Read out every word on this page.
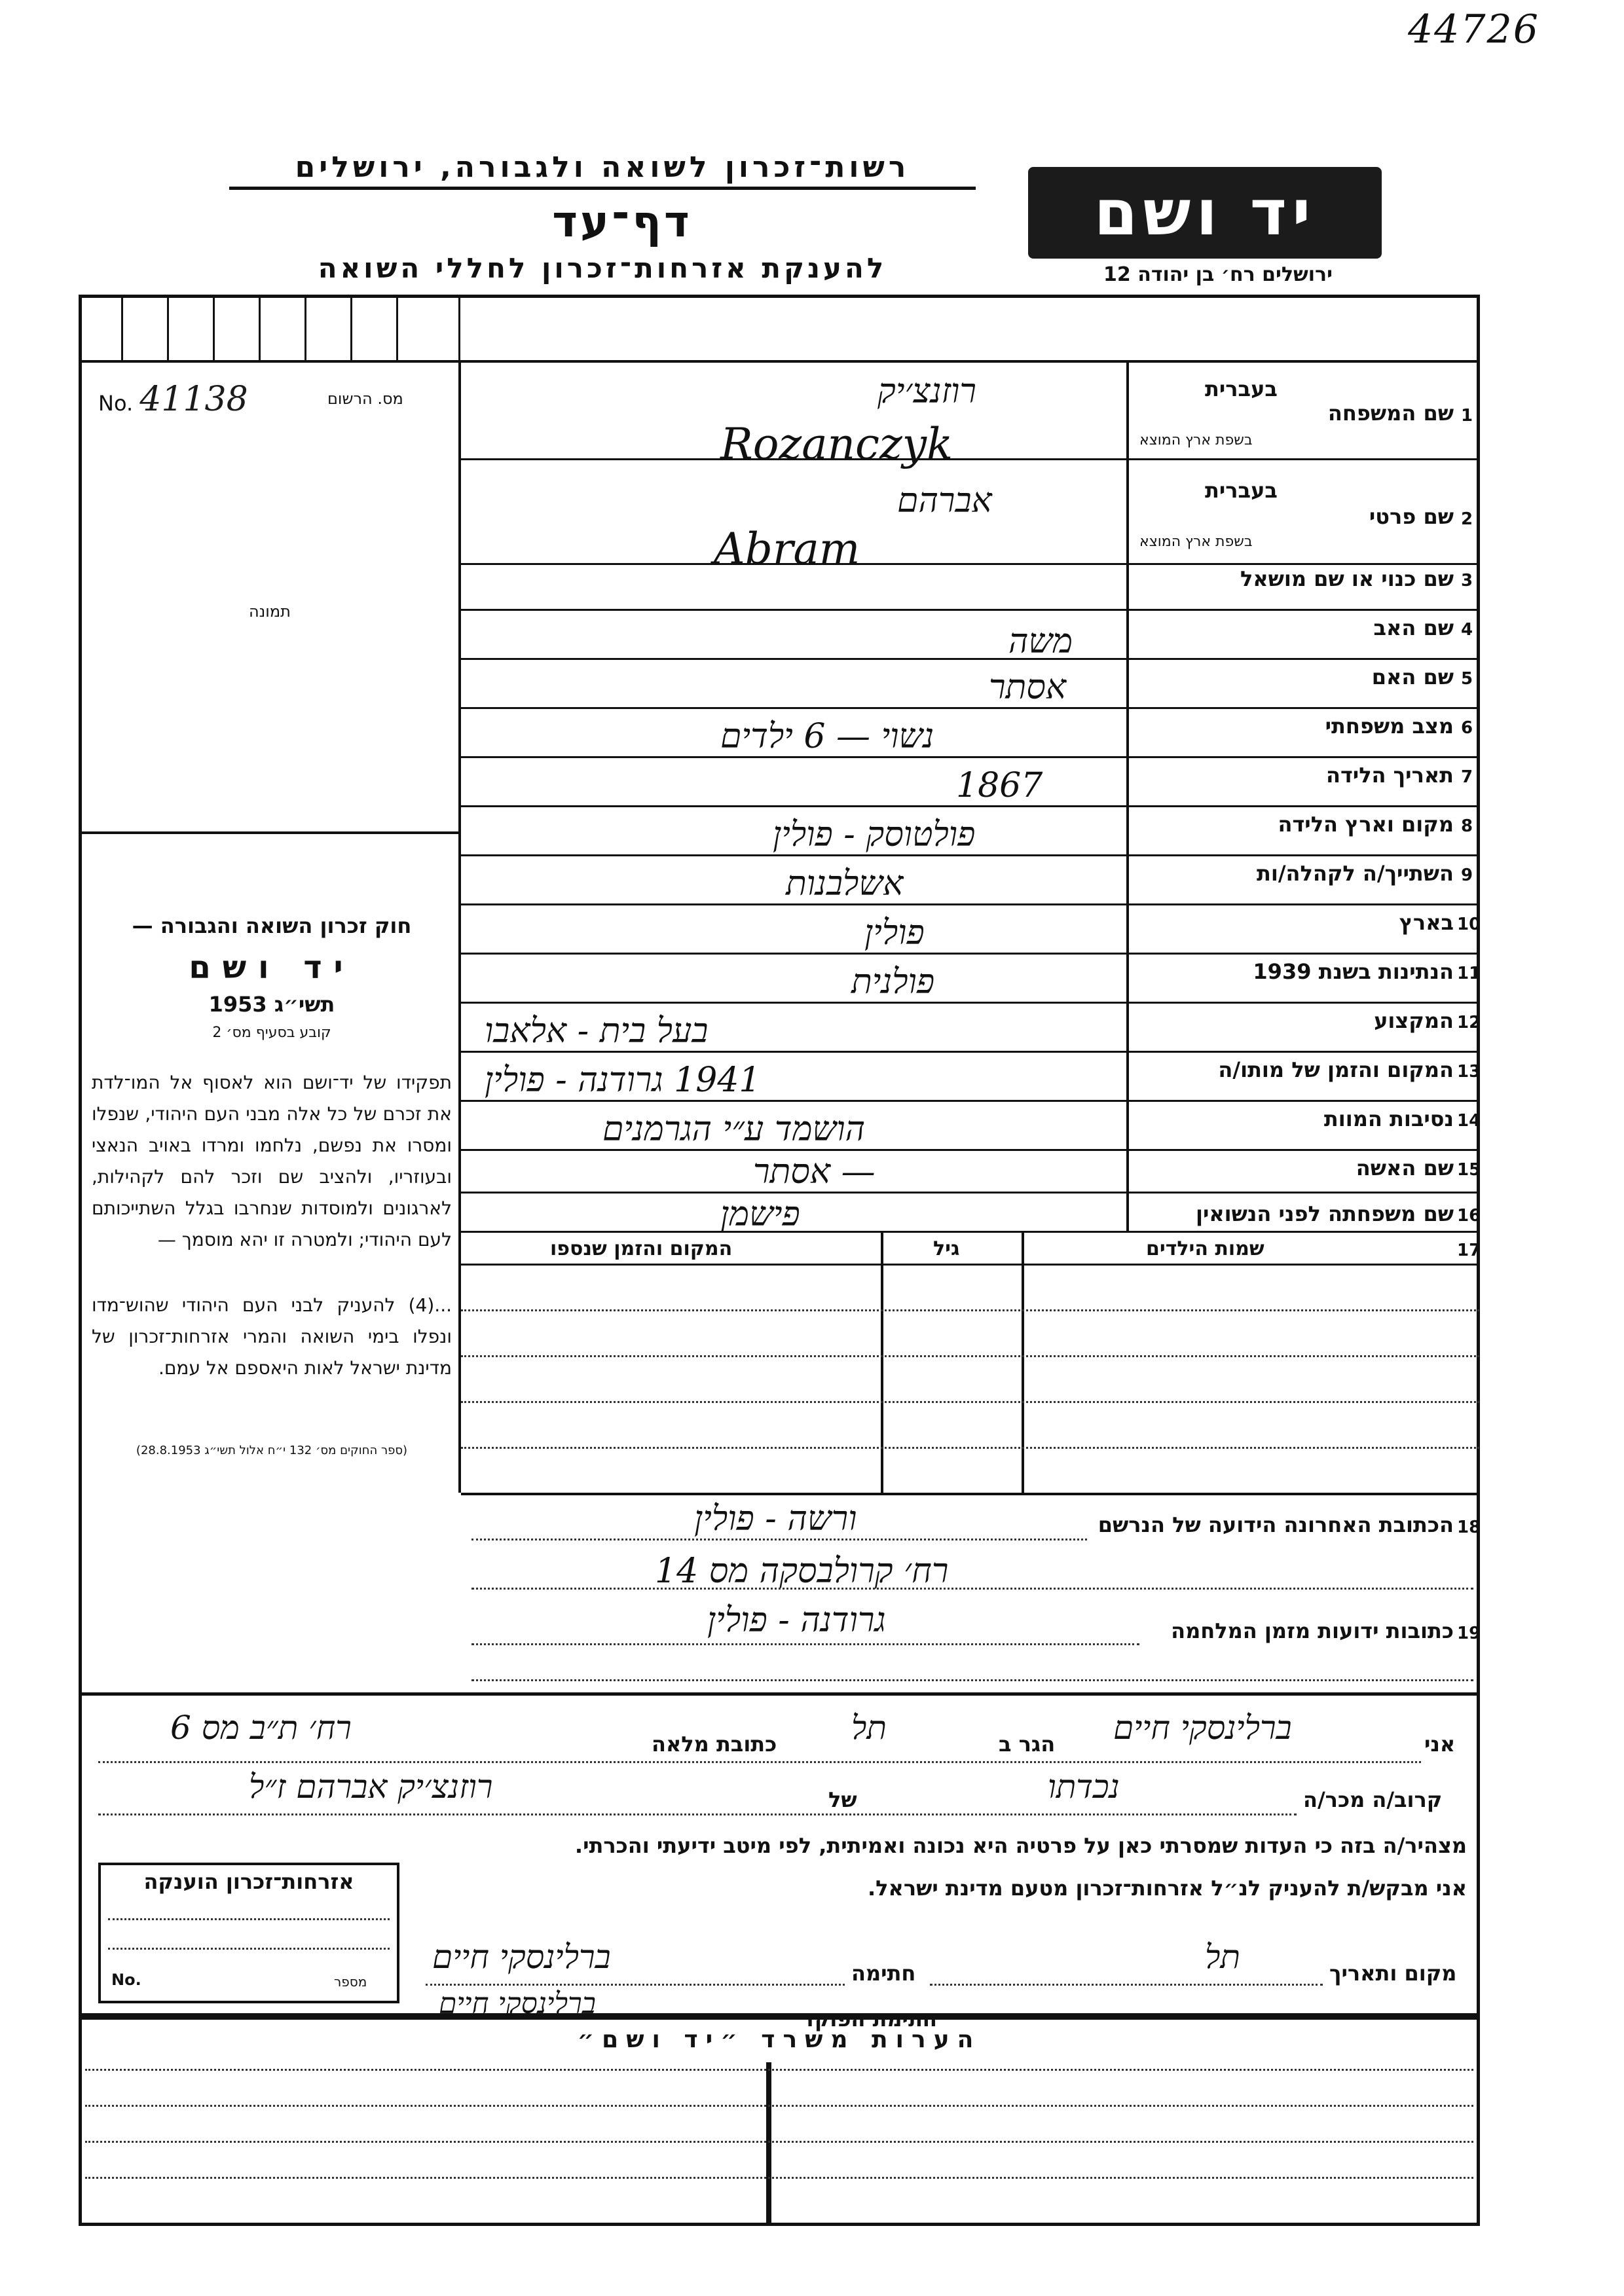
44726
רשות־זכרון לשואה ולגבורה, ירושלים
דף־עד
להענקת אזרחות־זכרון לחללי השואה
יד ושם
ירושלים רח׳ בן יהודה 12
No. 41138	מס. הרשום
תמונה
חוק זכרון השואה והגבורה —
יד ושם
תשי״ג 1953
קובע בסעיף מס׳ 2
תפקידו של יד־ושם הוא לאסוף אל המו־לדת את זכרם של כל אלה מבני העם היהודי, שנפלו ומסרו את נפשם, נלחמו ומרדו באויב הנאצי ובעוזריו, ולהציב שם וזכר להם לקהילות, לארגונים ולמוסדות שנחרבו בגלל השתייכותם לעם היהודי; ולמטרה זו יהא מוסמך —
...(4) להעניק לבני העם היהודי שהוש־מדו ונפלו בימי השואה והמרי אזרחות־זכרון של מדינת ישראל לאות היאספם אל עמם.
(ספר החוקים מס׳ 132 י״ח אלול תשי״ג 28.8.1953)
1
שם המשפחה
בעברית
בשפת ארץ המוצא
רוזנצ׳יק
Rozanczyk
2
שם פרטי
בעברית
בשפת ארץ המוצא
אברהם
Abram
3
שם כנוי או שם מושאל
4
שם האב
משה
5
שם האם
אסתר
6
מצב משפחתי
נשוי — 6 ילדים
7
תאריך הלידה
1867
8
מקום וארץ הלידה
פולטוסק - פולין
9
השתייך/ה לקהלה/ות
אשלבנות
10
בארץ
פולין
11
הנתינות בשנת 1939
פולנית
12
המקצוע
בעל בית - אלאבו
13
המקום והזמן של מותו/ה
1941 גרודנה - פולין
14
נסיבות המוות
הושמד ע״י הגרמנים
15
שם האשה
— אסתר
16
שם משפחתה לפני הנשואין
פישמן
17
שמות הילדים
גיל
המקום והזמן שנספו
18
הכתובת האחרונה הידועה של הנרשם
ורשה - פולין
רח׳ קרולבסקה מס 14
19
כתובות ידועות מזמן המלחמה
גרודנה - פולין
אני
ברלינסקי חיים
הגר ב
תל
כתובת מלאה
רח׳ ת״ב מס 6
קרוב/ה מכר/ה
נכדתו
של
רוזנצ׳יק אברהם ז״ל
מצהיר/ה בזה כי העדות שמסרתי כאן על פרטיה היא נכונה ואמיתית, לפי מיטב ידיעתי והכרתי.
אני מבקש/ת להעניק לנ״ל אזרחות־זכרון מטעם מדינת ישראל.
מקום ותאריך
תל
חתימה
ברלינסקי חיים
חתימת הפוקד
ברלינסקי חיים
אזרחות־זכרון הוענקה
No.	מספר
הערות משרד ״יד ושם״
